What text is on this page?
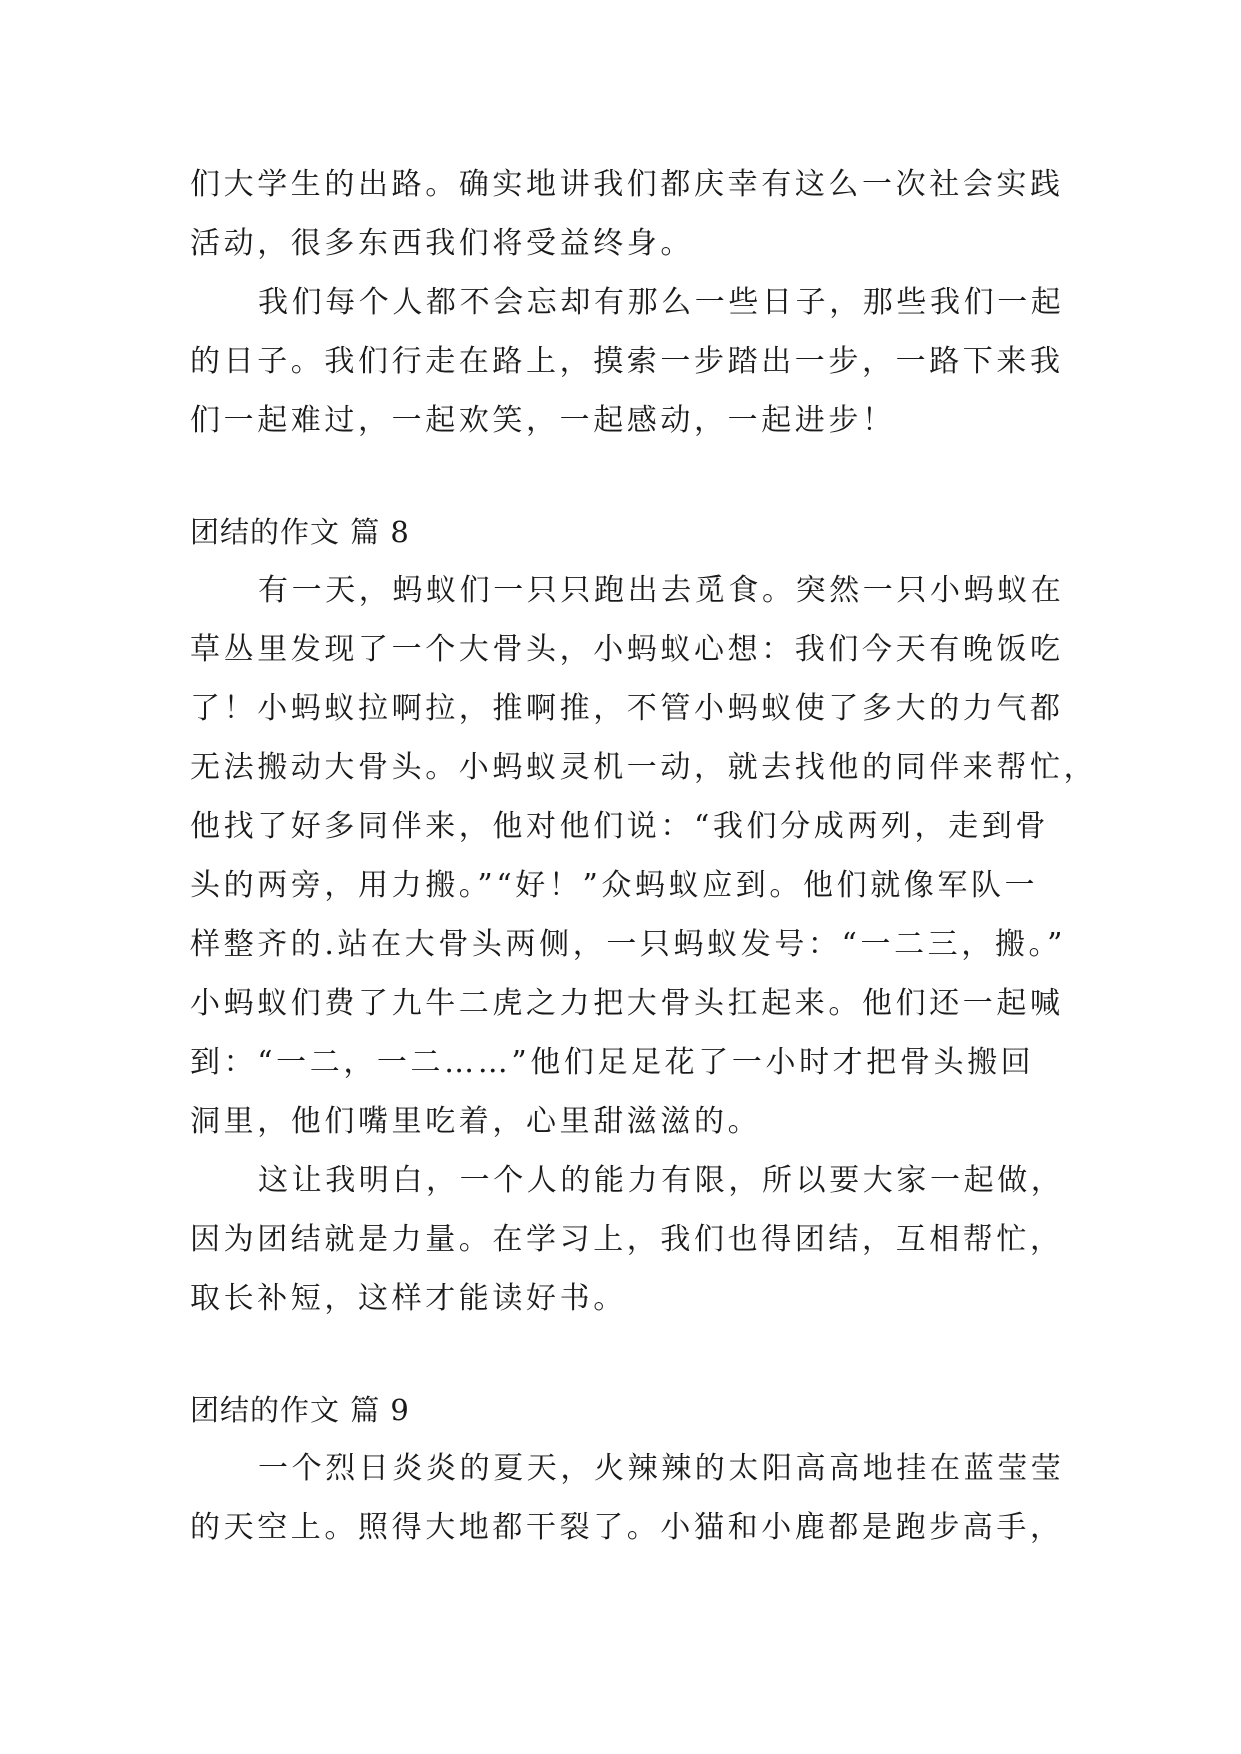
们大学生的出路。确实地讲我们都庆幸有这么一次社会实践
活动，很多东西我们将受益终身。
我们每个人都不会忘却有那么一些日子，那些我们一起
的日子。我们行走在路上，摸索一步踏出一步，一路下来我
们一起难过，一起欢笑，一起感动，一起进步！
团结的作文 篇 8
有一天，蚂蚁们一只只跑出去觅食。突然一只小蚂蚁在
草丛里发现了一个大骨头，小蚂蚁心想：我们今天有晚饭吃
了！小蚂蚁拉啊拉，推啊推，不管小蚂蚁使了多大的力气都
无法搬动大骨头。小蚂蚁灵机一动，就去找他的同伴来帮忙，
他找了好多同伴来，他对他们说：“我们分成两列，走到骨
头的两旁，用力搬。”“好！”众蚂蚁应到。他们就像军队一
样整齐的.站在大骨头两侧，一只蚂蚁发号：“一二三，搬。”
小蚂蚁们费了九牛二虎之力把大骨头扛起来。他们还一起喊
到：“一二，一二……”他们足足花了一小时才把骨头搬回
洞里，他们嘴里吃着，心里甜滋滋的。
这让我明白，一个人的能力有限，所以要大家一起做，
因为团结就是力量。在学习上，我们也得团结，互相帮忙，
取长补短，这样才能读好书。
团结的作文 篇 9
一个烈日炎炎的夏天，火辣辣的太阳高高地挂在蓝莹莹
的天空上。照得大地都干裂了。小猫和小鹿都是跑步高手，
